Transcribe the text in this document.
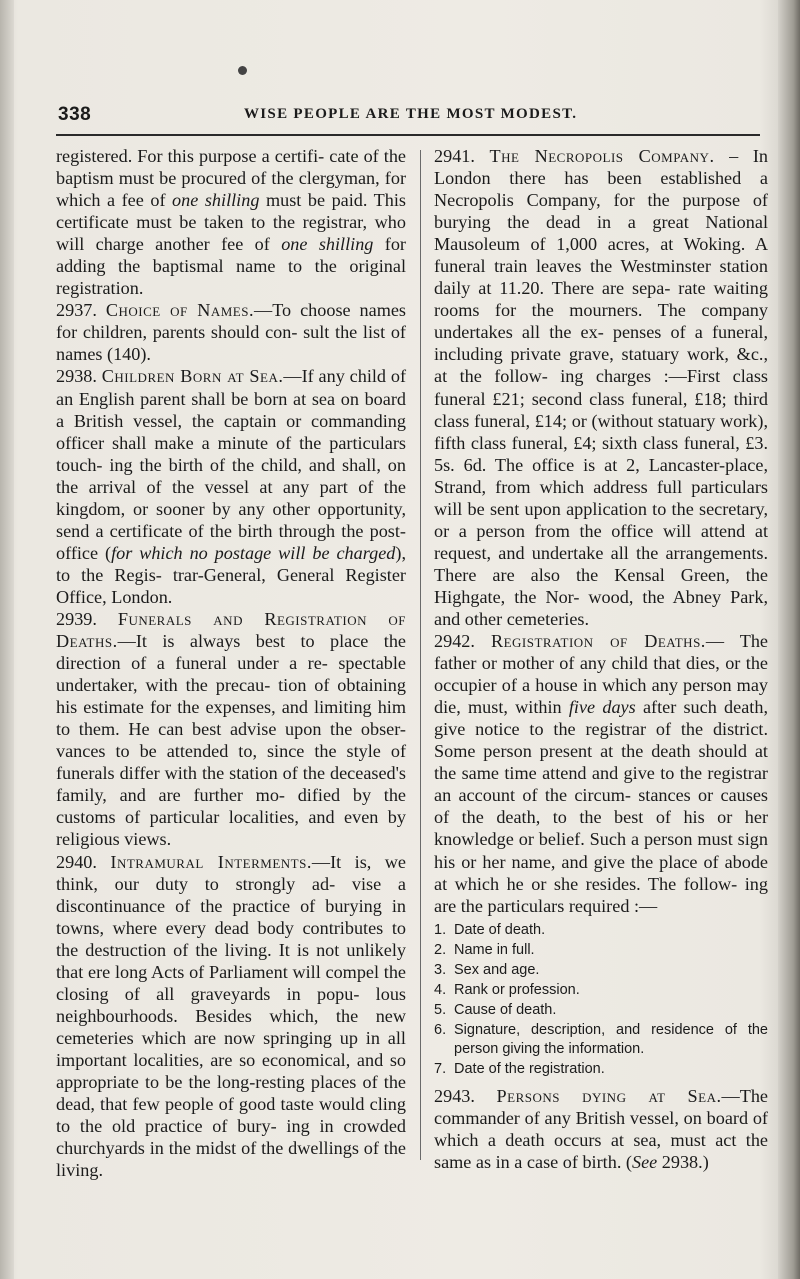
338	WISE PEOPLE ARE THE MOST MODEST.

registered. For this purpose a certifi- cate of the baptism must be procured of the clergyman, for which a fee of one shilling must be paid. This certificate must be taken to the registrar, who will charge another fee of one shilling for adding the baptismal name to the original registration.

2937. Choice of Names.—To choose names for children, parents should con- sult the list of names (140).

2938. Children Born at Sea.—If any child of an English parent shall be born at sea on board a British vessel, the captain or commanding officer shall make a minute of the particulars touch- ing the birth of the child, and shall, on the arrival of the vessel at any part of the kingdom, or sooner by any other opportunity, send a certificate of the birth through the post-office (for which no postage will be charged), to the Regis- trar-General, General Register Office, London.

2939. Funerals and Registration of Deaths.—It is always best to place the direction of a funeral under a re- spectable undertaker, with the precau- tion of obtaining his estimate for the expenses, and limiting him to them. He can best advise upon the obser- vances to be attended to, since the style of funerals differ with the station of the deceased's family, and are further mo- dified by the customs of particular localities, and even by religious views.

2940. Intramural Interments.—It is, we think, our duty to strongly ad- vise a discontinuance of the practice of burying in towns, where every dead body contributes to the destruction of the living. It is not unlikely that ere long Acts of Parliament will compel the closing of all graveyards in popu- lous neighbourhoods. Besides which, the new cemeteries which are now springing up in all important localities, are so economical, and so appropriate to be the long-resting places of the dead, that few people of good taste would cling to the old practice of bury- ing in crowded churchyards in the midst of the dwellings of the living.

2941. The Necropolis Company. – In London there has been established a Necropolis Company, for the purpose of burying the dead in a great National Mausoleum of 1,000 acres, at Woking. A funeral train leaves the Westminster station daily at 11.20. There are sepa- rate waiting rooms for the mourners. The company undertakes all the ex- penses of a funeral, including private grave, statuary work, &c., at the follow- ing charges :—First class funeral £21; second class funeral, £18; third class funeral, £14; or (without statuary work), fifth class funeral, £4; sixth class funeral, £3. 5s. 6d. The office is at 2, Lancaster-place, Strand, from which address full particulars will be sent upon application to the secretary, or a person from the office will attend at request, and undertake all the arrangements. There are also the Kensal Green, the Highgate, the Nor- wood, the Abney Park, and other cemeteries.

2942. Registration of Deaths.— The father or mother of any child that dies, or the occupier of a house in which any person may die, must, within five days after such death, give notice to the registrar of the district. Some person present at the death should at the same time attend and give to the registrar an account of the circum- stances or causes of the death, to the best of his or her knowledge or belief. Such a person must sign his or her name, and give the place of abode at which he or she resides. The follow- ing are the particulars required :—

1. Date of death.
2. Name in full.
3. Sex and age.
4. Rank or profession.
5. Cause of death.
6. Signature, description, and residence of the person giving the information.
7. Date of the registration.

2943. Persons dying at Sea.—The commander of any British vessel, on board of which a death occurs at sea, must act the same as in a case of birth. (See 2938.)
